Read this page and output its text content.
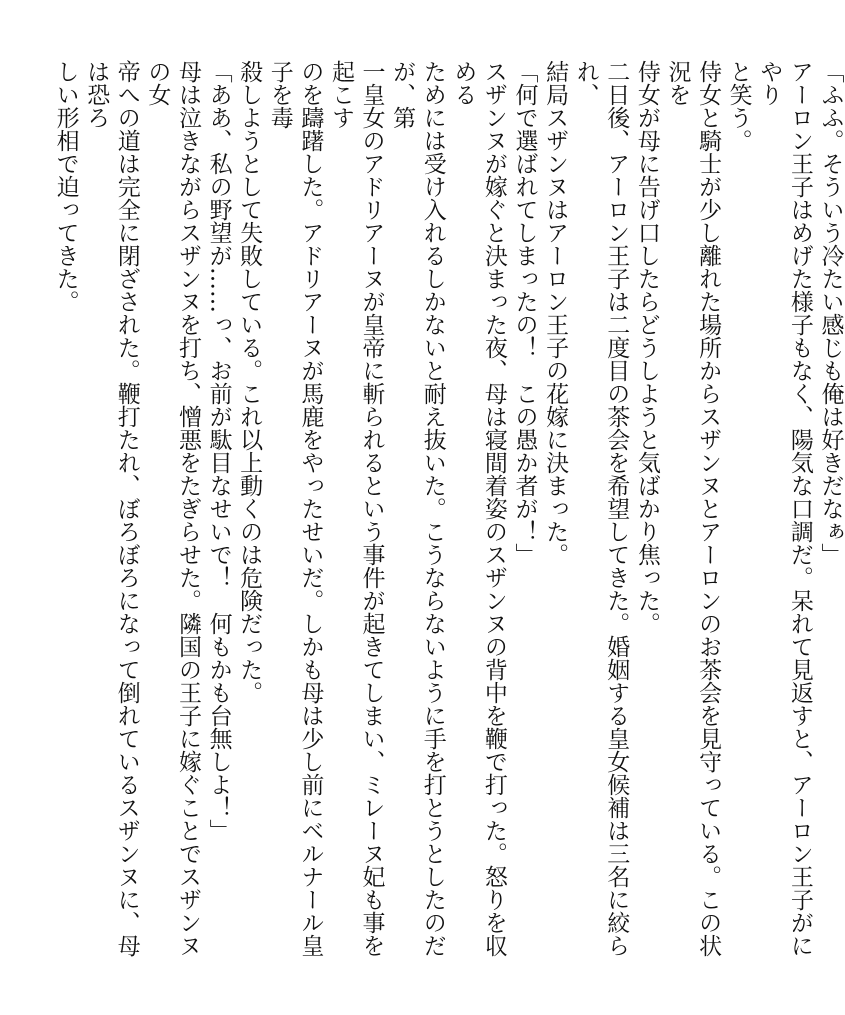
「ふふ。そういう冷たい感じも俺は好きだなぁ」
アーロン王子はめげた様子もなく、陽気な口調だ。呆れて見返すと、アーロン王子がにやり
と笑う。
侍女と騎士が少し離れた場所からスザンヌとアーロンのお茶会を見守っている。この状況を
侍女が母に告げ口したらどうしようと気ばかり焦った。
二日後、アーロン王子は二度目の茶会を希望してきた。婚姻する皇女候補は三名に絞られ、
結局スザンヌはアーロン王子の花嫁に決まった。
「何で選ばれてしまったの！　この愚か者が！」
スザンヌが嫁ぐと決まった夜、母は寝間着姿のスザンヌの背中を鞭で打った。怒りを収める
ためには受け入れるしかないと耐え抜いた。こうならないように手を打とうとしたのだが、第
一皇女のアドリアーヌが皇帝に斬られるという事件が起きてしまい、ミレーヌ妃も事を起こす
のを躊躇した。アドリアーヌが馬鹿をやったせいだ。しかも母は少し前にベルナール皇子を毒
殺しようとして失敗している。これ以上動くのは危険だった。
「ああ、私の野望が……っ、お前が駄目なせいで！　何もかも台無しよ！」
母は泣きながらスザンヌを打ち、憎悪をたぎらせた。隣国の王子に嫁ぐことでスザンヌの女
帝への道は完全に閉ざされた。鞭打たれ、ぼろぼろになって倒れているスザンヌに、母は恐ろ
しい形相で迫ってきた。
